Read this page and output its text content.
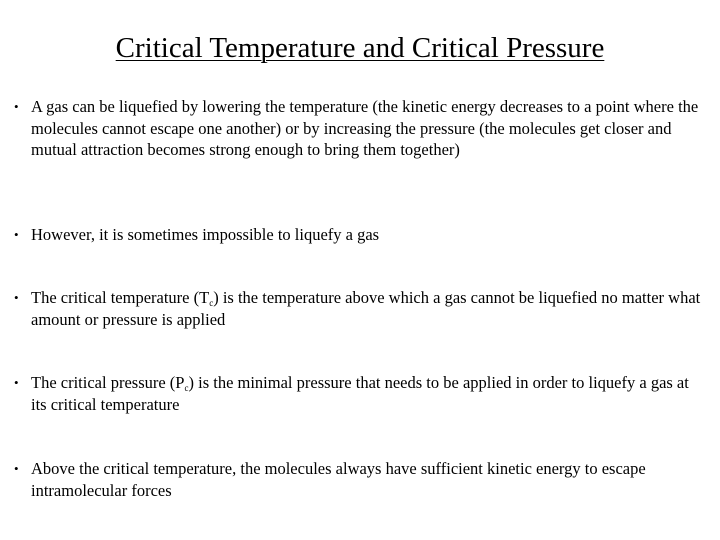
Critical Temperature and Critical Pressure
• A gas can be liquefied by lowering the temperature (the kinetic energy decreases to a point where the molecules cannot escape one another) or by increasing the pressure (the molecules get closer and mutual attraction becomes strong enough to bring them together)
• However, it is sometimes impossible to liquefy a gas
• The critical temperature $(T_c)$ is the temperature above which a gas cannot be liquefied no matter what amount or pressure is applied
• The critical pressure $(P_c)$ is the minimal pressure that needs to be applied in order to liquefy a gas at its critical temperature
• Above the critical temperature, the molecules always have sufficient kinetic energy to escape intramolecular forces
